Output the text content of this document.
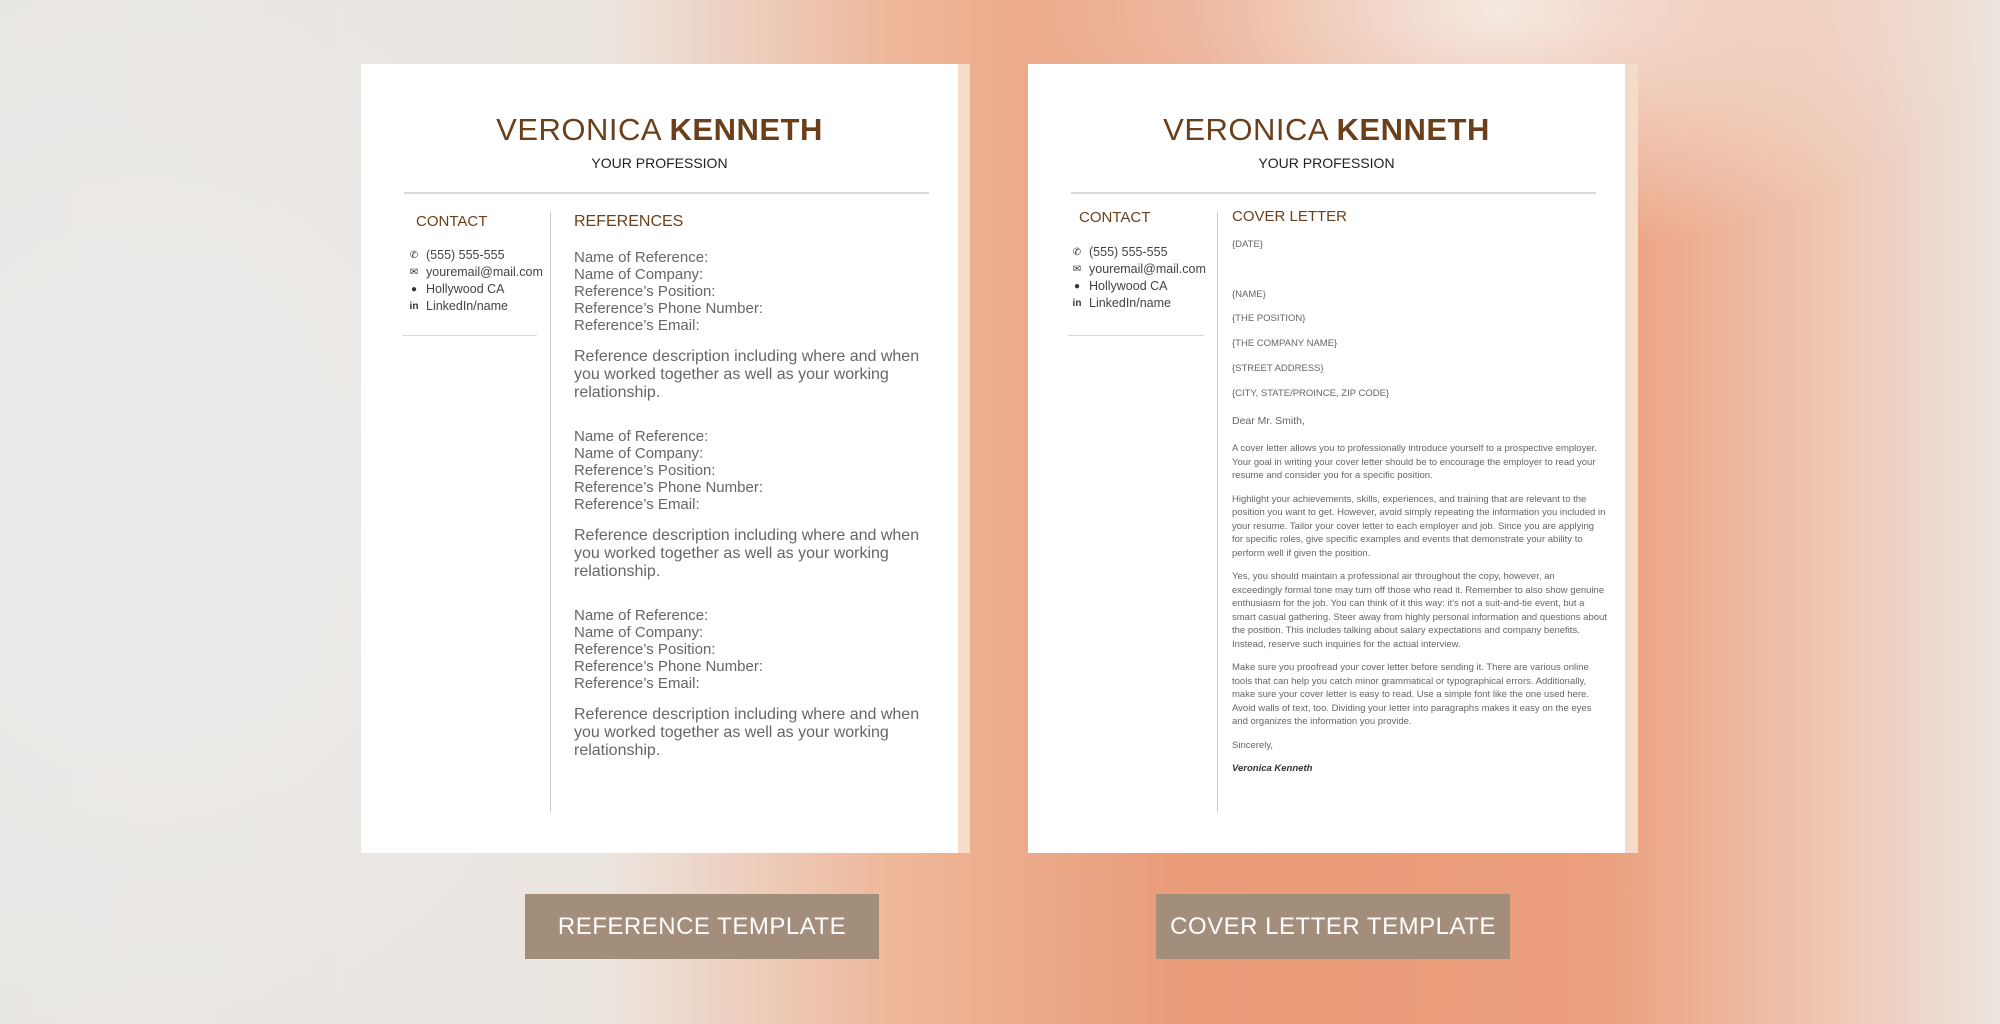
VERONICA KENNETH
YOUR PROFESSION
CONTACT
✆ (555) 555-555
✉ youremail@mail.com
● Hollywood CA
in LinkedIn/name
REFERENCES
Name of Reference:
Name of Company:
Reference’s Position:
Reference’s Phone Number:
Reference’s Email:
Reference description including where and when you worked together as well as your working relationship.
Name of Reference:
Name of Company:
Reference’s Position:
Reference’s Phone Number:
Reference’s Email:
Reference description including where and when you worked together as well as your working relationship.
Name of Reference:
Name of Company:
Reference’s Position:
Reference’s Phone Number:
Reference’s Email:
Reference description including where and when you worked together as well as your working relationship.
VERONICA KENNETH
YOUR PROFESSION
CONTACT
✆ (555) 555-555
✉ youremail@mail.com
● Hollywood CA
in LinkedIn/name
COVER LETTER
{DATE}
{NAME}
{THE POSITION}
{THE COMPANY NAME}
{STREET ADDRESS}
{CITY, STATE/PROINCE, ZIP CODE}
Dear Mr. Smith,

A cover letter allows you to professionally introduce yourself to a prospective employer. Your goal in writing your cover letter should be to encourage the employer to read your resume and consider you for a specific position.

Highlight your achievements, skills, experiences, and training that are relevant to the position you want to get. However, avoid simply repeating the information you included in your resume. Tailor your cover letter to each employer and job. Since you are applying for specific roles, give specific examples and events that demonstrate your ability to perform well if given the position.

Yes, you should maintain a professional air throughout the copy, however, an exceedingly formal tone may turn off those who read it. Remember to also show genuine enthusiasm for the job. You can think of it this way: it's not a suit-and-tie event, but a smart casual gathering. Steer away from highly personal information and questions about the position. This includes talking about salary expectations and company benefits. Instead, reserve such inquiries for the actual interview.

Make sure you proofread your cover letter before sending it. There are various online tools that can help you catch minor grammatical or typographical errors. Additionally, make sure your cover letter is easy to read. Use a simple font like the one used here. Avoid walls of text, too. Dividing your letter into paragraphs makes it easy on the eyes and organizes the information you provide.

Sincerely,

Veronica Kenneth

REFERENCE TEMPLATE	COVER LETTER TEMPLATE
